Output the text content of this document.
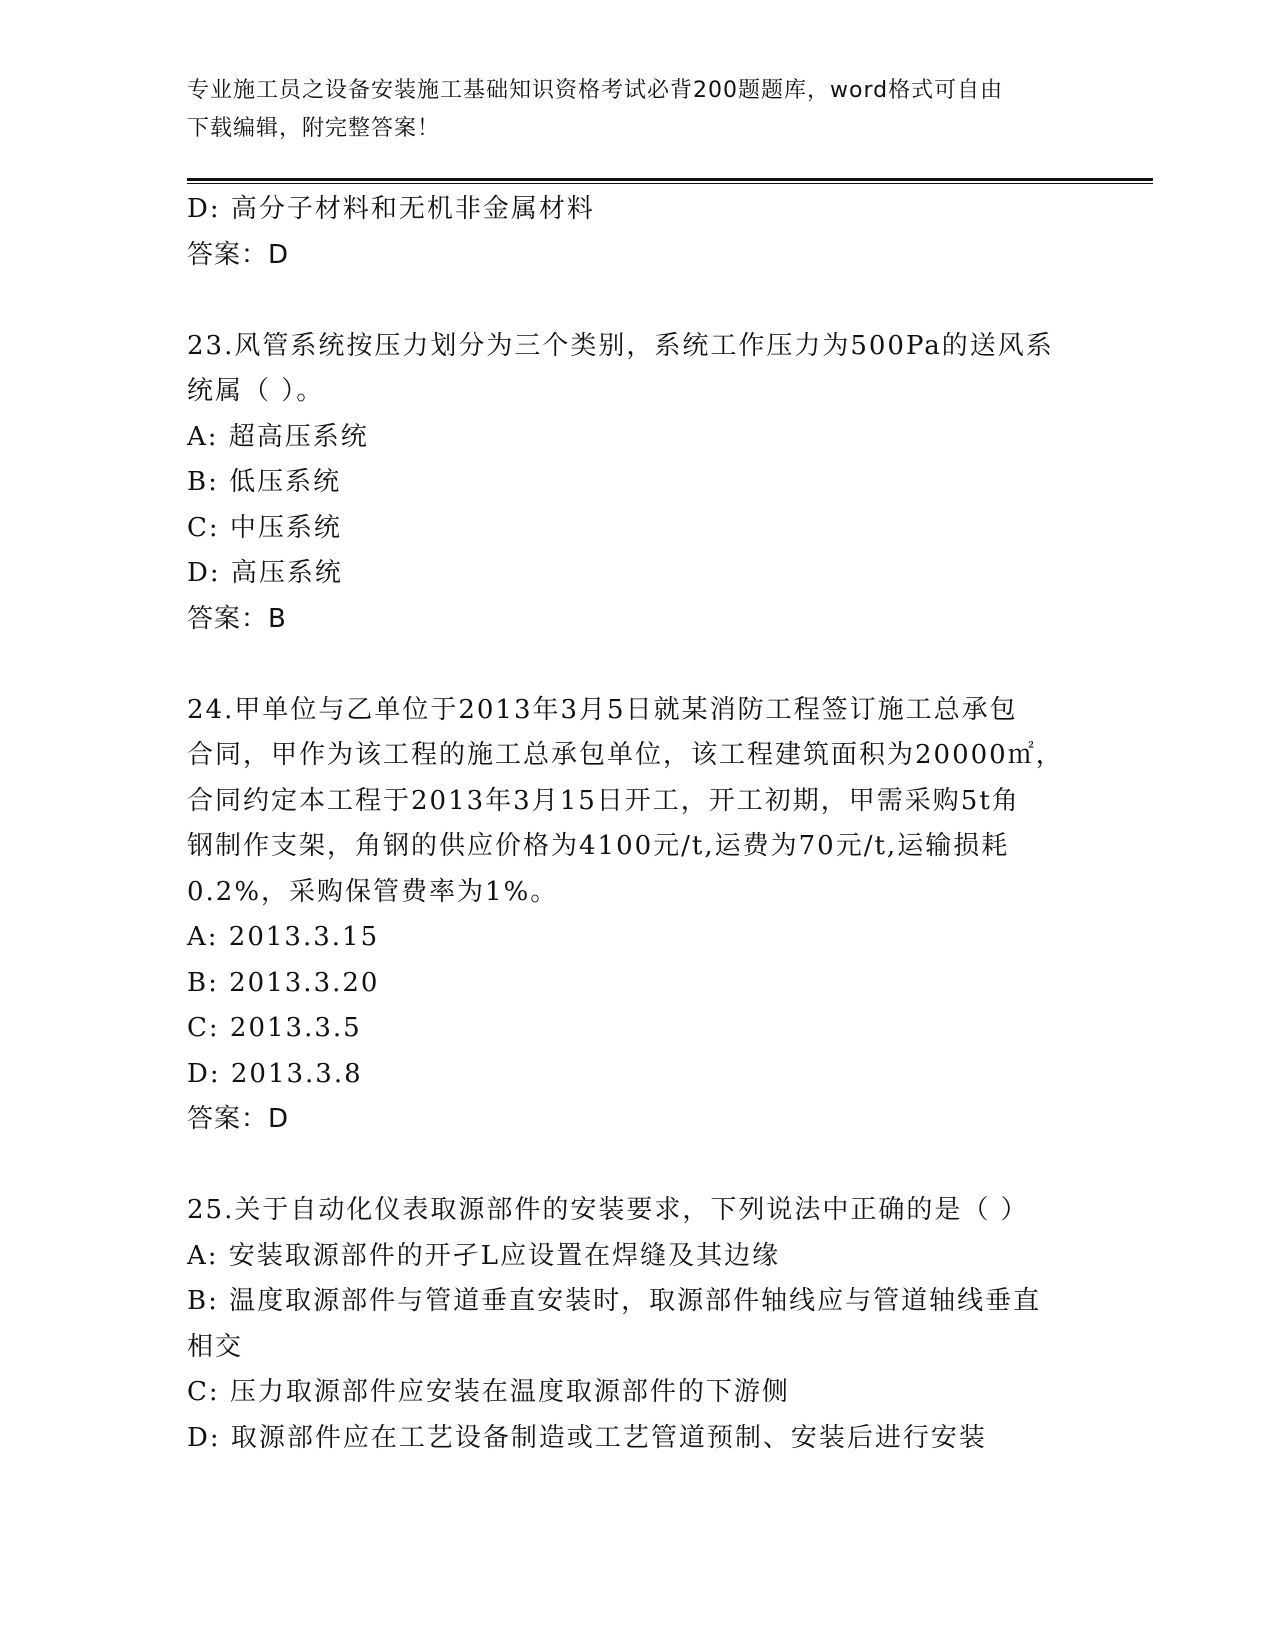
专业施工员之设备安装施工基础知识资格考试必背200题题库，word格式可自由
下载编辑，附完整答案！
D: 高分子材料和无机非金属材料
答案：D
23.风管系统按压力划分为三个类别，系统工作压力为500Pa的送风系
统属（ ）。
A: 超高压系统
B: 低压系统
C: 中压系统
D: 高压系统
答案：B
24.甲单位与乙单位于2013年3月5日就某消防工程签订施工总承包
合同，甲作为该工程的施工总承包单位，该工程建筑面积为20000㎡，
合同约定本工程于2013年3月15日开工，开工初期，甲需采购5t角
钢制作支架，角钢的供应价格为4100元/t,运费为70元/t,运输损耗
0.2%，采购保管费率为1%。
A: 2013.3.15
B: 2013.3.20
C: 2013.3.5
D: 2013.3.8
答案：D
25.关于自动化仪表取源部件的安装要求，下列说法中正确的是（ ）
A: 安装取源部件的开孑L应设置在焊缝及其边缘
B: 温度取源部件与管道垂直安装时，取源部件轴线应与管道轴线垂直
相交
C: 压力取源部件应安装在温度取源部件的下游侧
D: 取源部件应在工艺设备制造或工艺管道预制、安装后进行安装
